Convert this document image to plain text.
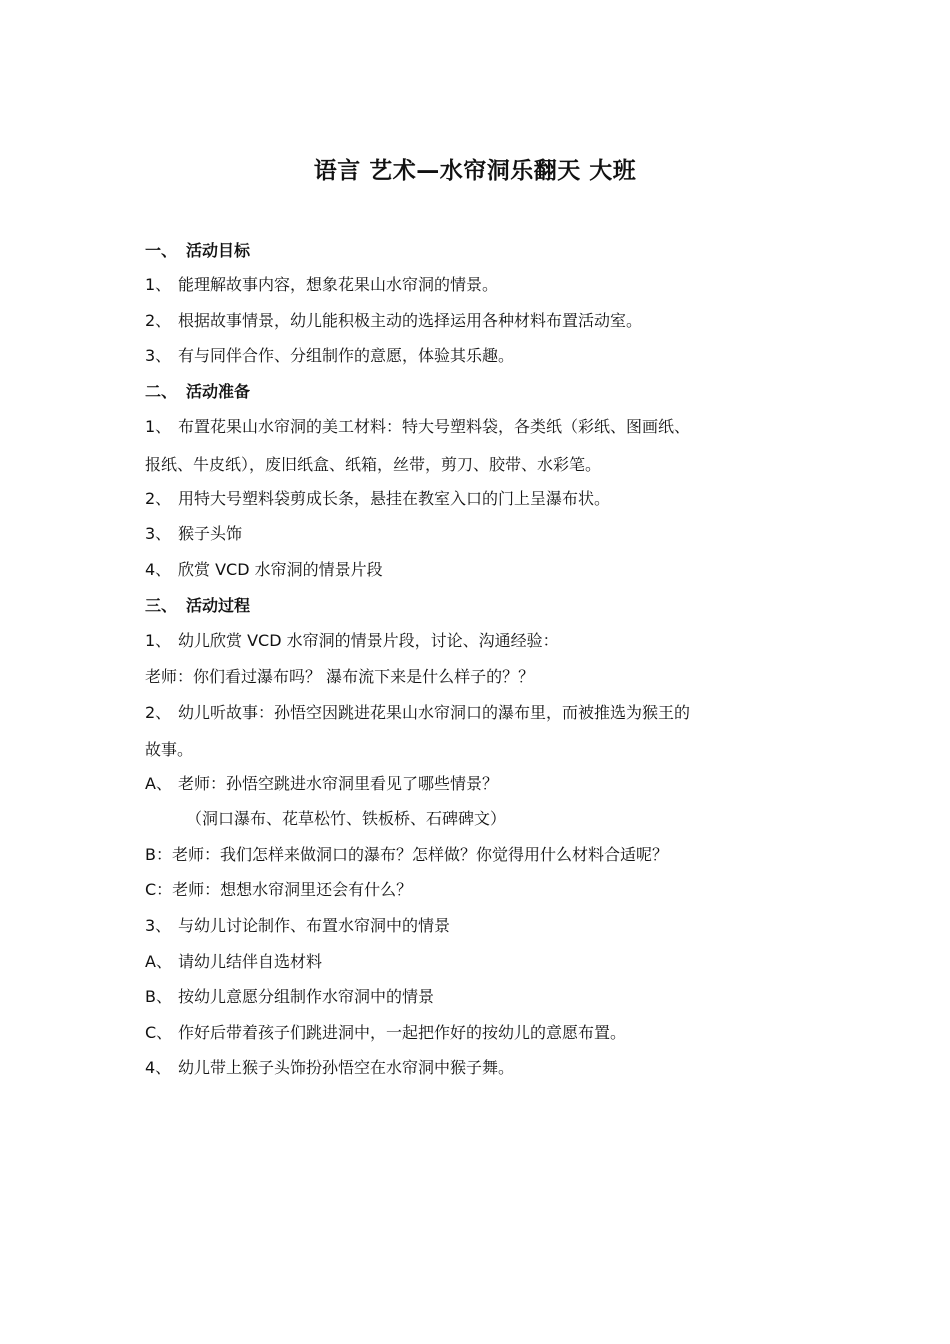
语言 艺术—水帘洞乐翻天 大班
一、 活动目标
1、 能理解故事内容，想象花果山水帘洞的情景。
2、 根据故事情景，幼儿能积极主动的选择运用各种材料布置活动室。
3、 有与同伴合作、分组制作的意愿，体验其乐趣。
二、 活动准备
1、 布置花果山水帘洞的美工材料：特大号塑料袋，各类纸（彩纸、图画纸、
报纸、牛皮纸），废旧纸盒、纸箱，丝带，剪刀、胶带、水彩笔。
2、 用特大号塑料袋剪成长条，悬挂在教室入口的门上呈瀑布状。
3、 猴子头饰
4、 欣赏 VCD 水帘洞的情景片段
三、 活动过程
1、 幼儿欣赏 VCD 水帘洞的情景片段，讨论、沟通经验：
老师：你们看过瀑布吗？ 瀑布流下来是什么样子的？？
2、 幼儿听故事：孙悟空因跳进花果山水帘洞口的瀑布里，而被推选为猴王的
故事。
A、 老师：孙悟空跳进水帘洞里看见了哪些情景？
（洞口瀑布、花草松竹、铁板桥、石碑碑文）
B：老师：我们怎样来做洞口的瀑布？怎样做？你觉得用什么材料合适呢？
C：老师：想想水帘洞里还会有什么？
3、 与幼儿讨论制作、布置水帘洞中的情景
A、 请幼儿结伴自选材料
B、 按幼儿意愿分组制作水帘洞中的情景
C、 作好后带着孩子们跳进洞中，一起把作好的按幼儿的意愿布置。
4、 幼儿带上猴子头饰扮孙悟空在水帘洞中猴子舞。
